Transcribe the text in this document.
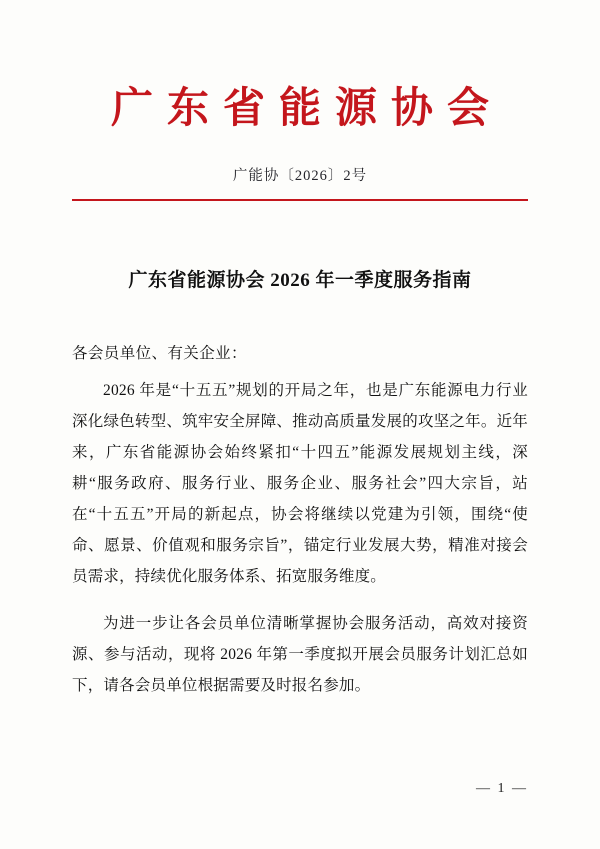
广东省能源协会
广能协〔2026〕2号
广东省能源协会 2026 年一季度服务指南
各会员单位、有关企业：

2026 年是“十五五”规划的开局之年，也是广东能源电力行业深化绿色转型、筑牢安全屏障、推动高质量发展的攻坚之年。近年来，广东省能源协会始终紧扣“十四五”能源发展规划主线，深耕“服务政府、服务行业、服务企业、服务社会”四大宗旨，站在“十五五”开局的新起点，协会将继续以党建为引领，围绕“使命、愿景、价值观和服务宗旨”，锚定行业发展大势，精准对接会员需求，持续优化服务体系、拓宽服务维度。

为进一步让各会员单位清晰掌握协会服务活动，高效对接资源、参与活动，现将 2026 年第一季度拟开展会员服务计划汇总如下，请各会员单位根据需要及时报名参加。

— 1 —
